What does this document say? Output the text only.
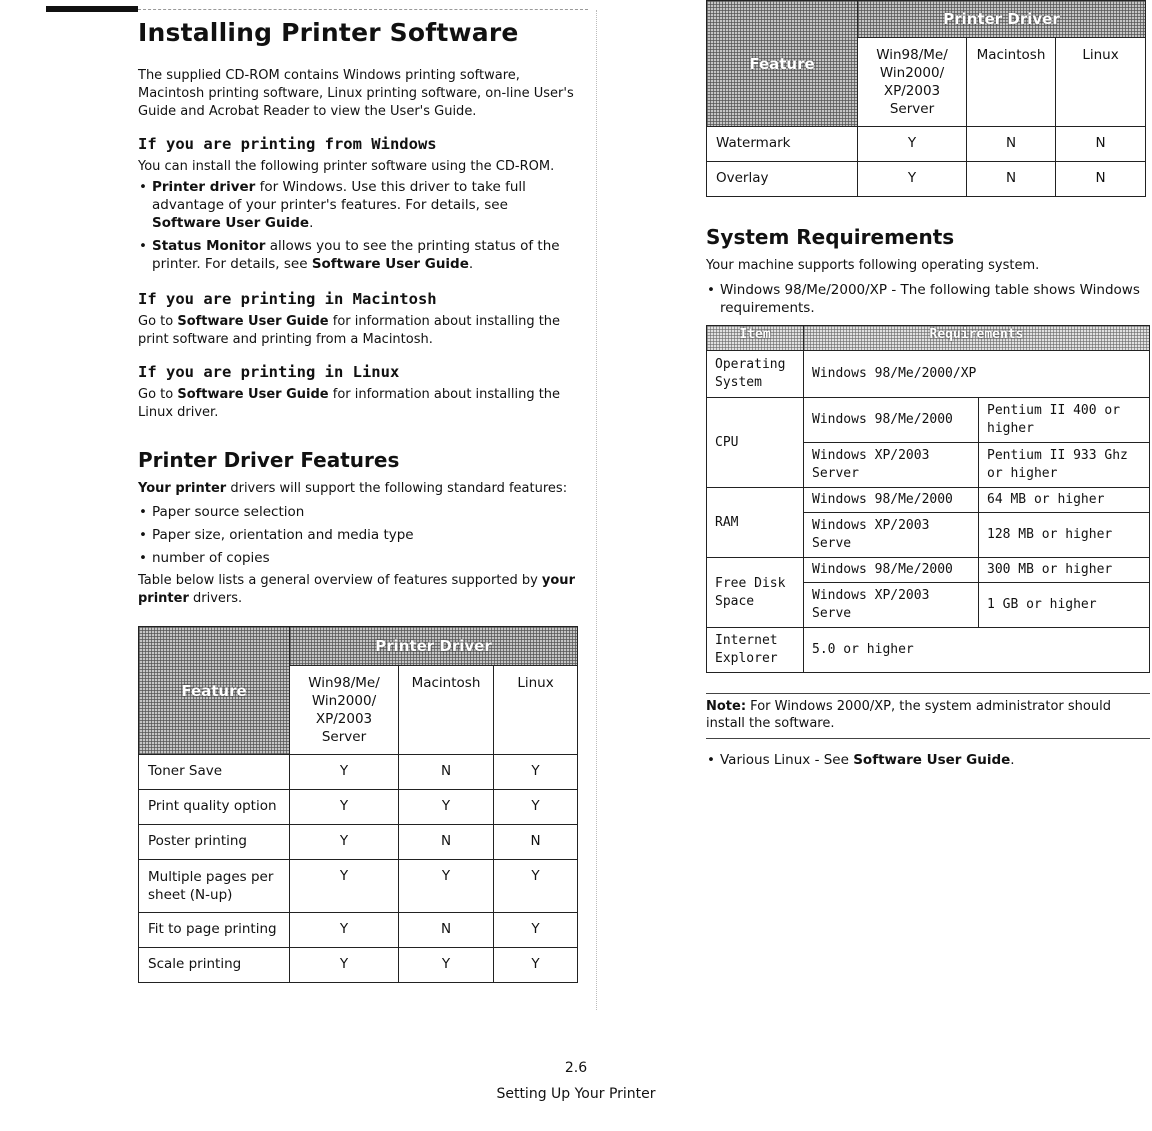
Installing Printer Software

The supplied CD-ROM contains Windows printing software, Macintosh printing software, Linux printing software, on-line User's Guide and Acrobat Reader to view the User's Guide.

If you are printing from Windows

You can install the following printer software using the CD-ROM.

• Printer driver for Windows. Use this driver to take full advantage of your printer's features. For details, see Software User Guide.
• Status Monitor allows you to see the printing status of the printer. For details, see Software User Guide.
If you are printing in Macintosh

Go to Software User Guide for information about installing the print software and printing from a Macintosh.

If you are printing in Linux

Go to Software User Guide for information about installing the Linux driver.

Printer Driver Features

Your printer drivers will support the following standard features:

• Paper source selection
• Paper size, orientation and media type
• number of copies

Table below lists a general overview of features supported by your printer drivers.

Feature	Printer Driver		
	Win98/Me/ Win2000/ XP/2003 Server	Macintosh	Linux
Toner Save	Y	N	Y
Print quality option	Y	Y	Y
Poster printing	Y	N	N
Multiple pages per sheet (N-up)	Y	Y	Y
Fit to page printing	Y	N	Y
Scale printing	Y	Y	Y
Feature	Printer Driver		
	Win98/Me/ Win2000/ XP/2003 Server	Macintosh	Linux
Watermark	Y	N	N
Overlay	Y	N	N
System Requirements

Your machine supports following operating system.

• Windows 98/Me/2000/XP - The following table shows Windows requirements.
Item	Requirements	
Operating System	Windows 98/Me/2000/XP	
CPU	Windows 98/Me/2000	Pentium II 400 or higher
	Windows XP/2003 Server	Pentium II 933 Ghz or higher
RAM	Windows 98/Me/2000	64 MB or higher
	Windows XP/2003 Serve	128 MB or higher
Free Disk Space	Windows 98/Me/2000	300 MB or higher
	Windows XP/2003 Serve	1 GB or higher
Internet Explorer	5.0 or higher	

Note: For Windows 2000/XP, the system administrator should install the software.

• Various Linux - See Software User Guide.
2.6
Setting Up Your Printer
